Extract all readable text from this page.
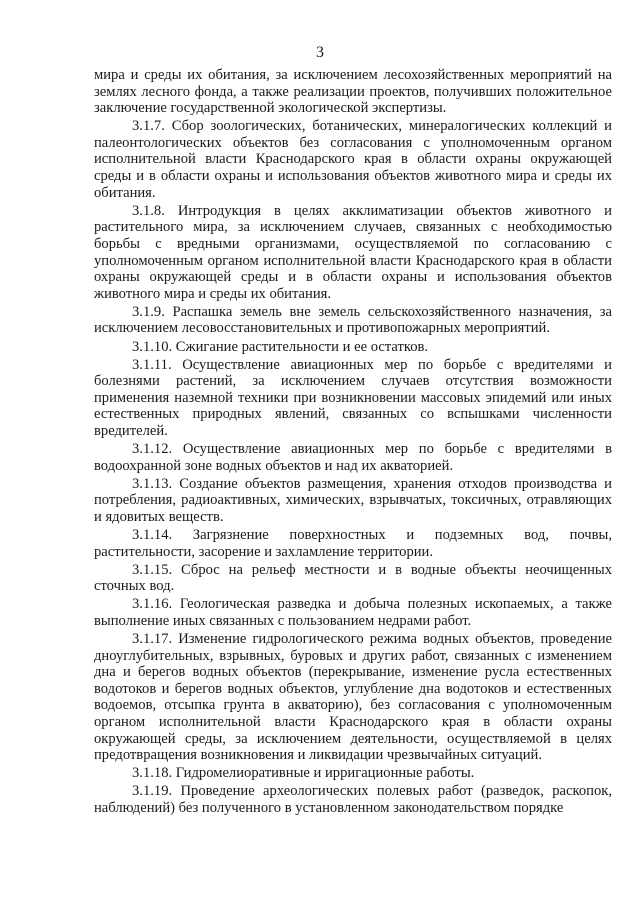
3

мира и среды их обитания, за исключением лесохозяйственных мероприятий на землях лесного фонда, а также реализации проектов, получивших положительное заключение государственной экологической экспертизы.

3.1.7. Сбор зоологических, ботанических, минералогических коллекций и палеонтологических объектов без согласования с уполномоченным органом исполнительной власти Краснодарского края в области охраны окружающей среды и в области охраны и использования объектов животного мира и среды их обитания.

3.1.8. Интродукция в целях акклиматизации объектов животного и растительного мира, за исключением случаев, связанных с необходимостью борьбы с вредными организмами, осуществляемой по согласованию с уполномоченным органом исполнительной власти Краснодарского края в области охраны окружающей среды и в области охраны и использования объектов животного мира и среды их обитания.

3.1.9. Распашка земель вне земель сельскохозяйственного назначения, за исключением лесовосстановительных и противопожарных мероприятий.

3.1.10. Сжигание растительности и ее остатков.

3.1.11. Осуществление авиационных мер по борьбе с вредителями и болезнями растений, за исключением случаев отсутствия возможности применения наземной техники при возникновении массовых эпидемий или иных естественных природных явлений, связанных со вспышками численности вредителей.

3.1.12. Осуществление авиационных мер по борьбе с вредителями в водоохранной зоне водных объектов и над их акваторией.

3.1.13. Создание объектов размещения, хранения отходов производства и потребления, радиоактивных, химических, взрывчатых, токсичных, отравляющих и ядовитых веществ.

3.1.14. Загрязнение поверхностных и подземных вод, почвы, растительности, засорение и захламление территории.

3.1.15. Сброс на рельеф местности и в водные объекты неочищенных сточных вод.

3.1.16. Геологическая разведка и добыча полезных ископаемых, а также выполнение иных связанных с пользованием недрами работ.

3.1.17. Изменение гидрологического режима водных объектов, проведение дноуглубительных, взрывных, буровых и других работ, связанных с изменением дна и берегов водных объектов (перекрывание, изменение русла естественных водотоков и берегов водных объектов, углубление дна водотоков и естественных водоемов, отсыпка грунта в акваторию), без согласования с уполномоченным органом исполнительной власти Краснодарского края в области охраны окружающей среды, за исключением деятельности, осуществляемой в целях предотвращения возникновения и ликвидации чрезвычайных ситуаций.

3.1.18. Гидромелиоративные и ирригационные работы.

3.1.19. Проведение археологических полевых работ (разведок, раскопок, наблюдений) без полученного в установленном законодательством порядке
